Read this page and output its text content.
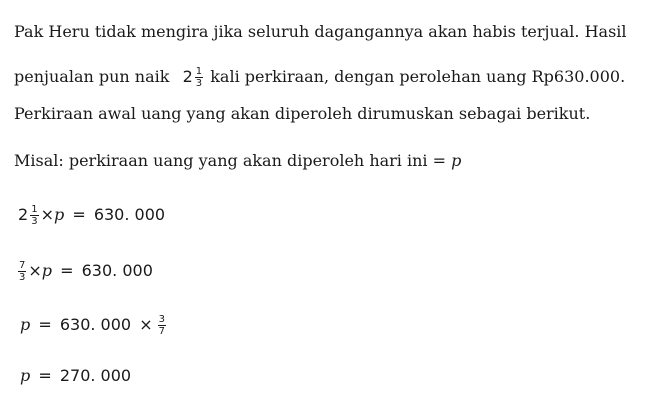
Pak Heru tidak mengira jika seluruh dagangannya akan habis terjual. Hasil
penjualan pun naik $2 \frac{1}{3}$ kali perkiraan, dengan perolehan uang Rp630.000.
Perkiraan awal uang yang akan diperoleh dirumuskan sebagai berikut.
Misal: perkiraan uang yang akan diperoleh hari ini = p
$2 \frac{1}{3} \times p = 630$. 000
$\frac{7}{3} \times p = 630$. 000
p = 630. $000 \times \frac{3}{7}$
p = 270. 000
